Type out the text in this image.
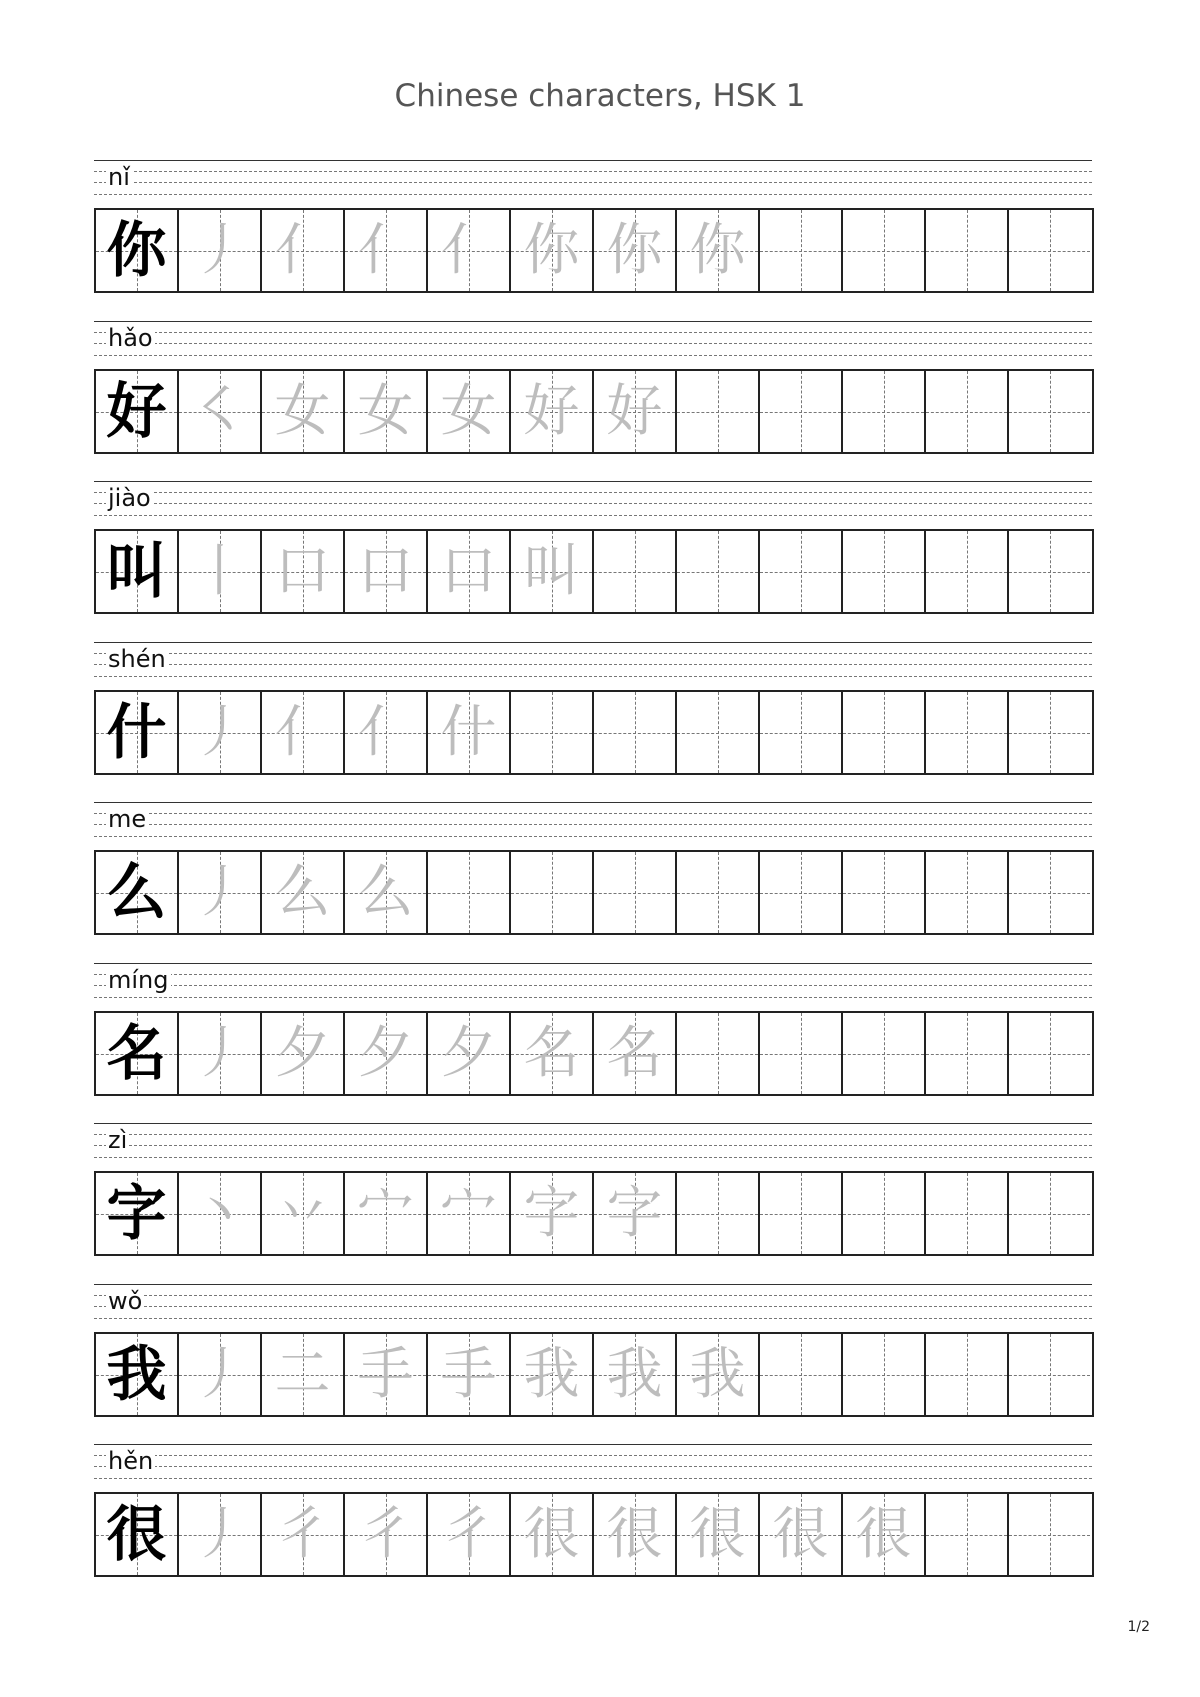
Chinese characters, HSK 1
nǐ
你 丿 亻 亻 亻 你 你 你
hǎo
好 ㇛ 女 女 女 好 好
jiào
叫 丨 口 口 口 叫
shén
什 丿 亻 亻 什
me
么 丿 么 么
míng
名 丿 夕 夕 夕 名 名
zì
字 丶 丷 宀 宀 字 字
wǒ
我 丿 二 手 手 我 我 我
hěn
很 丿 彳 彳 彳 很 很 很 很 很
1/2
